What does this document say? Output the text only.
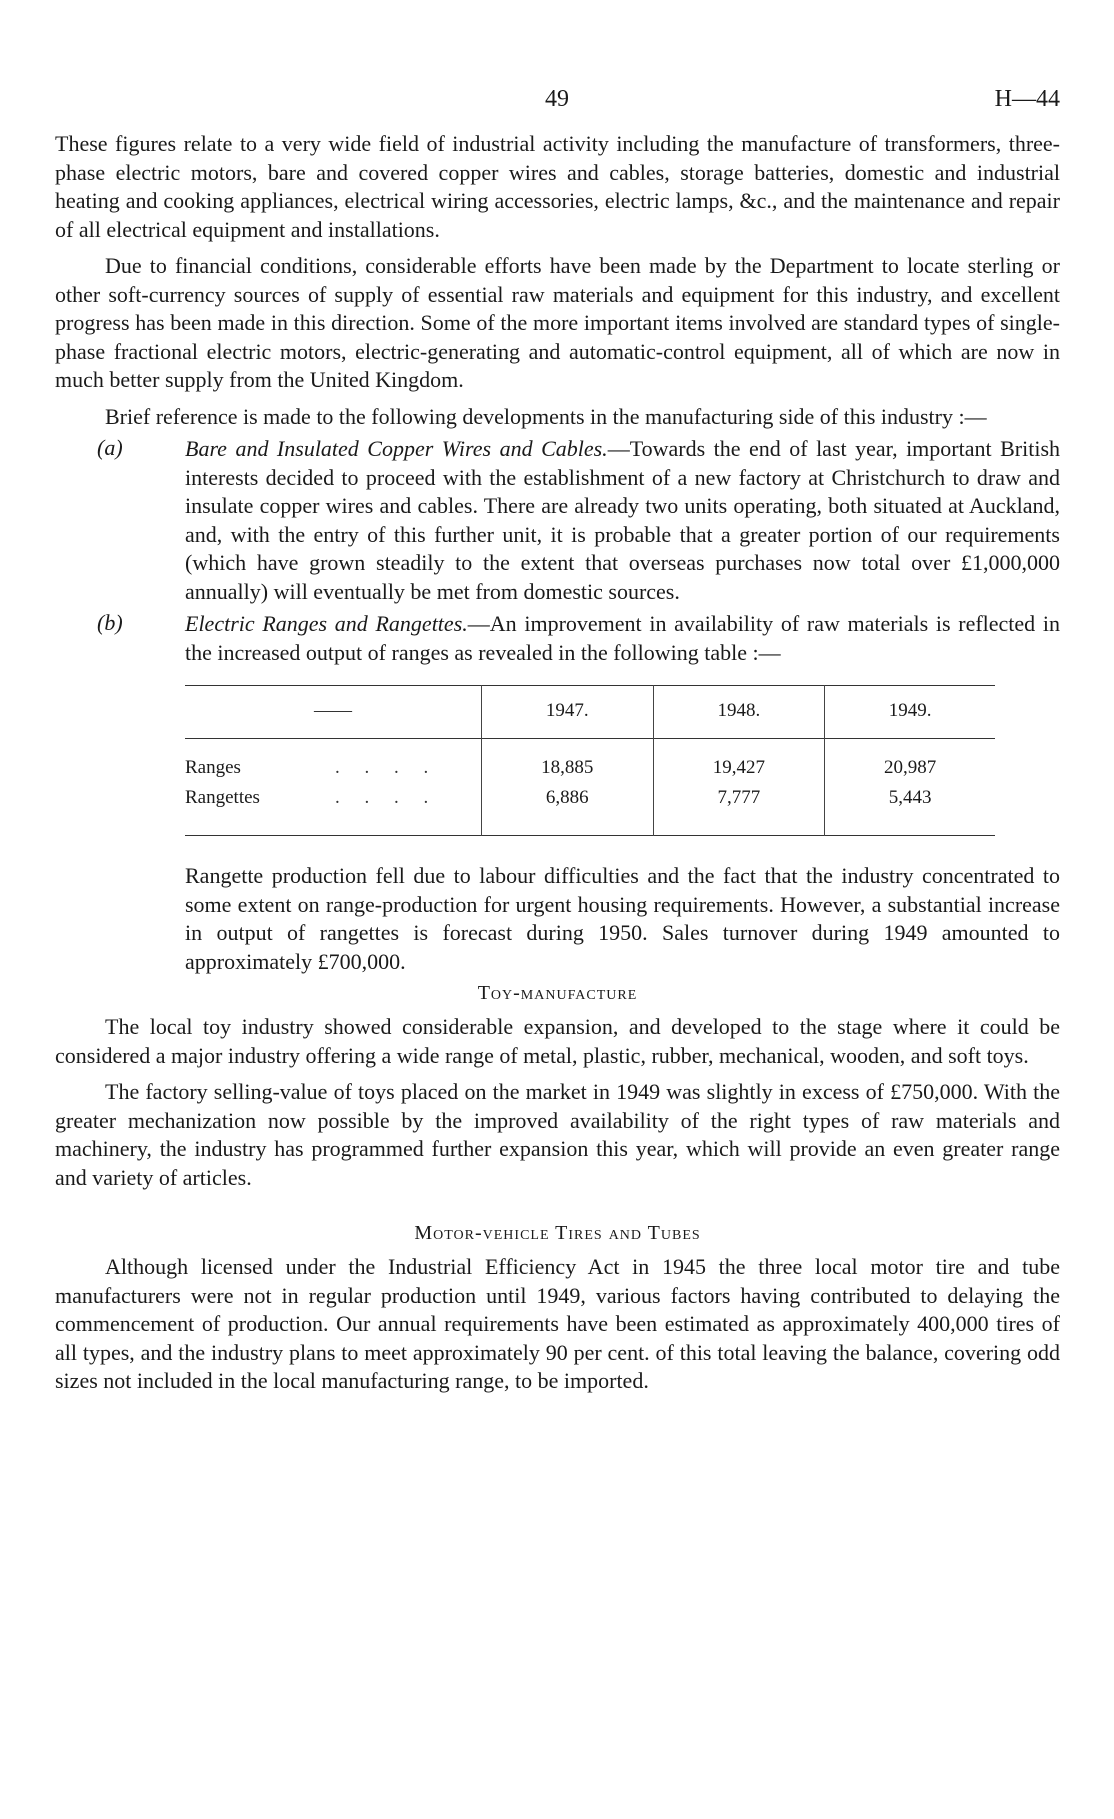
49	H—44

These figures relate to a very wide field of industrial activity including the manufacture of transformers, three-phase electric motors, bare and covered copper wires and cables, storage batteries, domestic and industrial heating and cooking appliances, electrical wiring accessories, electric lamps, &c., and the maintenance and repair of all electrical equipment and installations.

Due to financial conditions, considerable efforts have been made by the Department to locate sterling or other soft-currency sources of supply of essential raw materials and equipment for this industry, and excellent progress has been made in this direction. Some of the more important items involved are standard types of single-phase fractional electric motors, electric-generating and automatic-control equipment, all of which are now in much better supply from the United Kingdom.

Brief reference is made to the following developments in the manufacturing side of this industry :—

(a)	Bare and Insulated Copper Wires and Cables.—Towards the end of last year, important British interests decided to proceed with the establishment of a new factory at Christchurch to draw and insulate copper wires and cables. There are already two units operating, both situated at Auckland, and, with the entry of this further unit, it is probable that a greater portion of our requirements (which have grown steadily to the extent that overseas purchases now total over £1,000,000 annually) will eventually be met from domestic sources.

(b)	Electric Ranges and Rangettes.—An improvement in availability of raw materials is reflected in the increased output of ranges as revealed in the following table :—

——	1947.	1948.	1949.
Ranges . . . .	18,885	19,427	20,987
Rangettes . . . .	6,886	7,777	5,443

Rangette production fell due to labour difficulties and the fact that the industry concentrated to some extent on range-production for urgent housing requirements. However, a substantial increase in output of rangettes is forecast during 1950. Sales turnover during 1949 amounted to approximately £700,000.

Toy-manufacture

The local toy industry showed considerable expansion, and developed to the stage where it could be considered a major industry offering a wide range of metal, plastic, rubber, mechanical, wooden, and soft toys.

The factory selling-value of toys placed on the market in 1949 was slightly in excess of £750,000. With the greater mechanization now possible by the improved availability of the right types of raw materials and machinery, the industry has programmed further expansion this year, which will provide an even greater range and variety of articles.

Motor-vehicle Tires and Tubes

Although licensed under the Industrial Efficiency Act in 1945 the three local motor tire and tube manufacturers were not in regular production until 1949, various factors having contributed to delaying the commencement of production. Our annual requirements have been estimated as approximately 400,000 tires of all types, and the industry plans to meet approximately 90 per cent. of this total leaving the balance, covering odd sizes not included in the local manufacturing range, to be imported.
